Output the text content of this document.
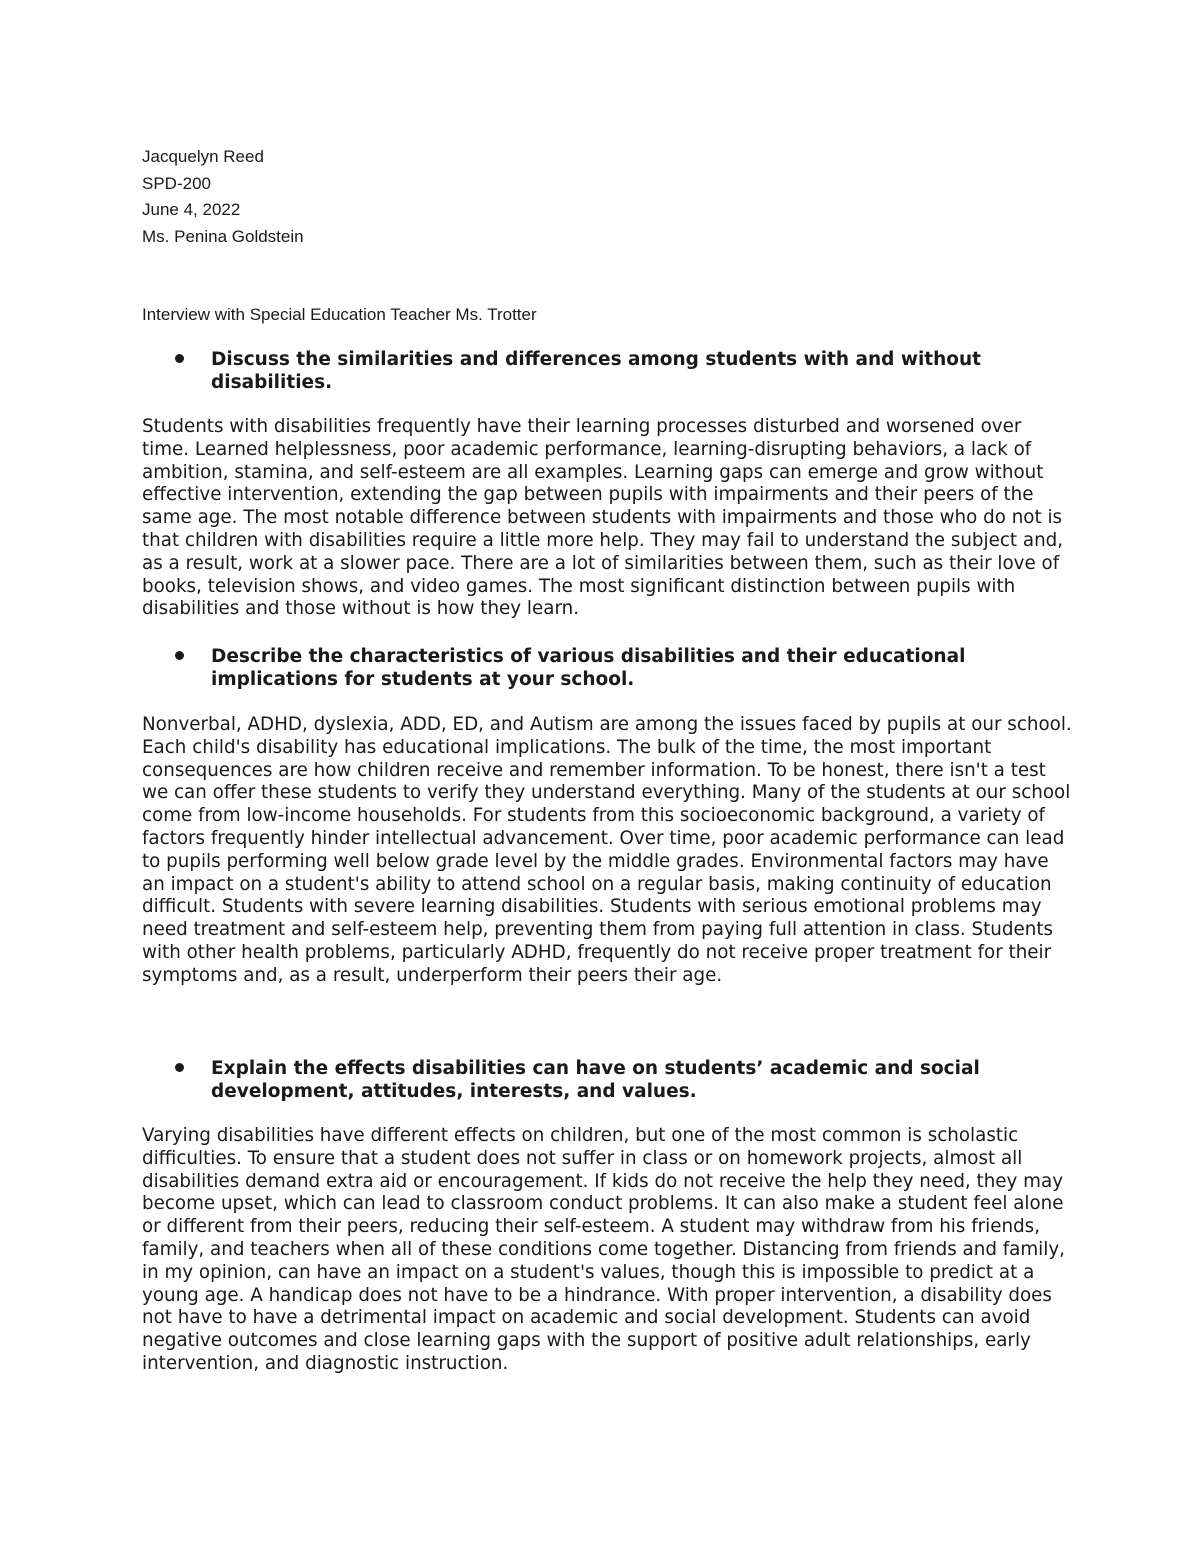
Jacquelyn Reed
SPD-200
June 4, 2022
Ms. Penina Goldstein
Interview with Special Education Teacher Ms. Trotter
Discuss the similarities and differences among students with and without disabilities.
Students with disabilities frequently have their learning processes disturbed and worsened over time. Learned helplessness, poor academic performance, learning-disrupting behaviors, a lack of ambition, stamina, and self-esteem are all examples. Learning gaps can emerge and grow without effective intervention, extending the gap between pupils with impairments and their peers of the same age. The most notable difference between students with impairments and those who do not is that children with disabilities require a little more help. They may fail to understand the subject and, as a result, work at a slower pace. There are a lot of similarities between them, such as their love of books, television shows, and video games. The most significant distinction between pupils with disabilities and those without is how they learn.
Describe the characteristics of various disabilities and their educational implications for students at your school.
Nonverbal, ADHD, dyslexia, ADD, ED, and Autism are among the issues faced by pupils at our school. Each child's disability has educational implications. The bulk of the time, the most important consequences are how children receive and remember information. To be honest, there isn't a test we can offer these students to verify they understand everything. Many of the students at our school come from low-income households. For students from this socioeconomic background, a variety of factors frequently hinder intellectual advancement. Over time, poor academic performance can lead to pupils performing well below grade level by the middle grades. Environmental factors may have an impact on a student's ability to attend school on a regular basis, making continuity of education difficult. Students with severe learning disabilities. Students with serious emotional problems may need treatment and self-esteem help, preventing them from paying full attention in class. Students with other health problems, particularly ADHD, frequently do not receive proper treatment for their symptoms and, as a result, underperform their peers their age.
Explain the effects disabilities can have on students’ academic and social development, attitudes, interests, and values.
Varying disabilities have different effects on children, but one of the most common is scholastic difficulties. To ensure that a student does not suffer in class or on homework projects, almost all disabilities demand extra aid or encouragement. If kids do not receive the help they need, they may become upset, which can lead to classroom conduct problems. It can also make a student feel alone or different from their peers, reducing their self-esteem. A student may withdraw from his friends, family, and teachers when all of these conditions come together. Distancing from friends and family, in my opinion, can have an impact on a student's values, though this is impossible to predict at a young age. A handicap does not have to be a hindrance. With proper intervention, a disability does not have to have a detrimental impact on academic and social development. Students can avoid negative outcomes and close learning gaps with the support of positive adult relationships, early intervention, and diagnostic instruction.
